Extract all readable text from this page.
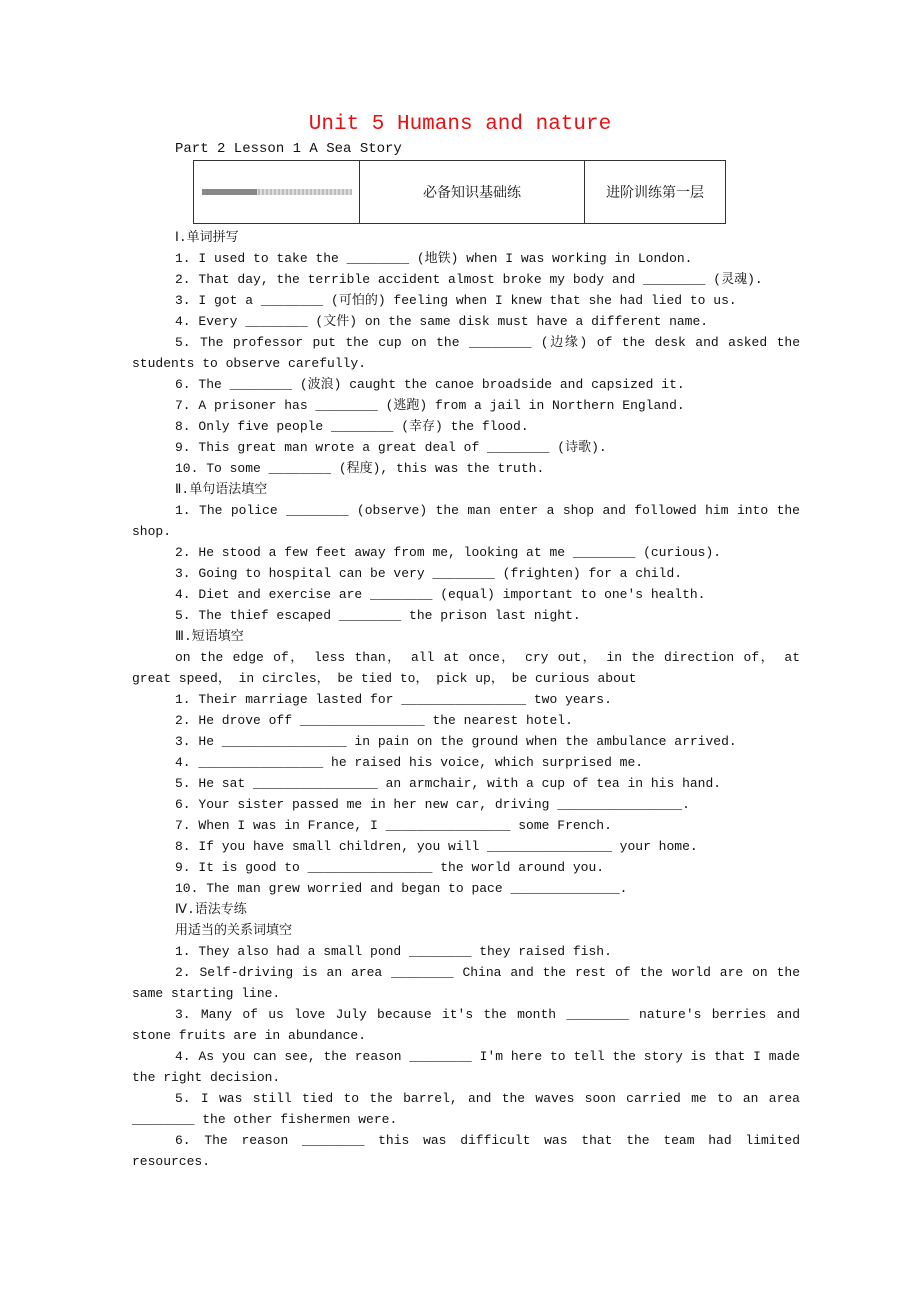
Unit 5 Humans and nature
Part 2 Lesson 1 A Sea Story
必备知识基础练	进阶训练第一层
Ⅰ.单词拼写
1. I used to take the ________ (地铁) when I was working in London.
2. That day, the terrible accident almost broke my body and ________ (灵魂).
3. I got a ________ (可怕的) feeling when I knew that she had lied to us.
4. Every ________ (文件) on the same disk must have a different name.
5. The professor put the cup on the ________ (边缘) of the desk and asked the students to observe carefully.
6. The ________ (波浪) caught the canoe broadside and capsized it.
7. A prisoner has ________ (逃跑) from a jail in Northern England.
8. Only five people ________ (幸存) the flood.
9. This great man wrote a great deal of ________ (诗歌).
10. To some ________ (程度), this was the truth.
Ⅱ.单句语法填空
1. The police ________ (observe) the man enter a shop and followed him into the shop.
2. He stood a few feet away from me, looking at me ________ (curious).
3. Going to hospital can be very ________ (frighten) for a child.
4. Diet and exercise are ________ (equal) important to one's health.
5. The thief escaped ________ the prison last night.
Ⅲ.短语填空
on the edge of， less than， all at once， cry out， in the direction of， at great speed， in circles， be tied to， pick up， be curious about
1. Their marriage lasted for ________________ two years.
2. He drove off ________________ the nearest hotel.
3. He ________________ in pain on the ground when the ambulance arrived.
4. ________________ he raised his voice, which surprised me.
5. He sat ________________ an armchair, with a cup of tea in his hand.
6. Your sister passed me in her new car, driving ________________.
7. When I was in France, I ________________ some French.
8. If you have small children, you will ________________ your home.
9. It is good to ________________ the world around you.
10. The man grew worried and began to pace ______________.
Ⅳ.语法专练
用适当的关系词填空
1. They also had a small pond ________ they raised fish.
2. Self-driving is an area ________ China and the rest of the world are on the same starting line.
3. Many of us love July because it's the month ________ nature's berries and stone fruits are in abundance.
4. As you can see, the reason ________ I'm here to tell the story is that I made the right decision.
5. I was still tied to the barrel, and the waves soon carried me to an area ________ the other fishermen were.
6. The reason ________ this was difficult was that the team had limited resources.
